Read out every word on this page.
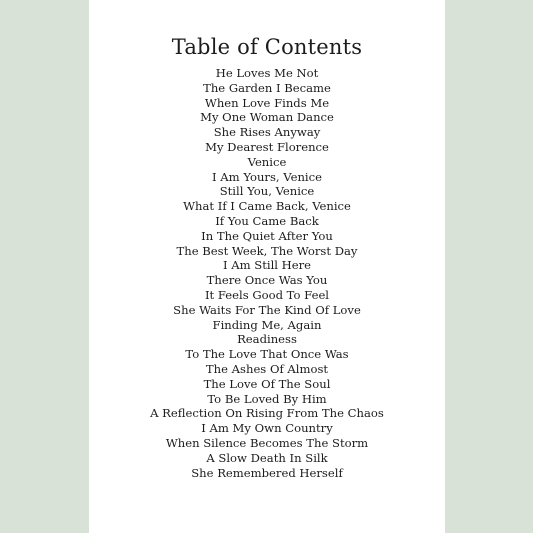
Table of Contents
He Loves Me Not
The Garden I Became
When Love Finds Me
My One Woman Dance
She Rises Anyway
My Dearest Florence
Venice
I Am Yours, Venice
Still You, Venice
What If I Came Back, Venice
If You Came Back
In The Quiet After You
The Best Week, The Worst Day
I Am Still Here
There Once Was You
It Feels Good To Feel
She Waits For The Kind Of Love
Finding Me, Again
Readiness
To The Love That Once Was
The Ashes Of Almost
The Love Of The Soul
To Be Loved By Him
A Reflection On Rising From The Chaos
I Am My Own Country
When Silence Becomes The Storm
A Slow Death In Silk
She Remembered Herself
